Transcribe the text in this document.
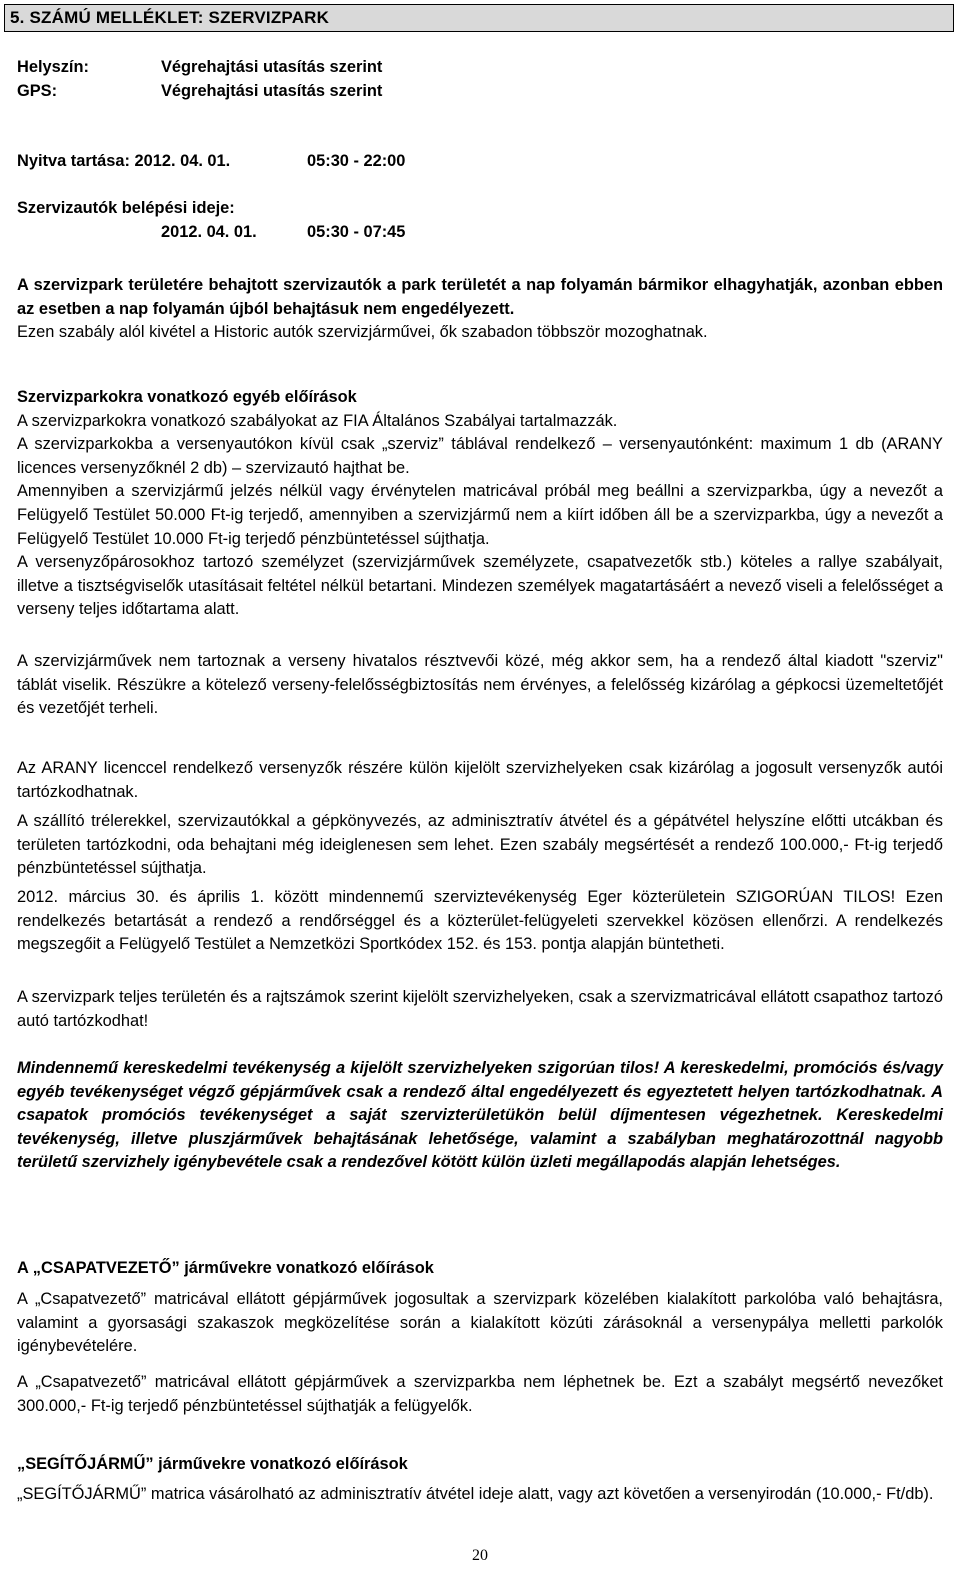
5. SZÁMÚ MELLÉKLET: SZERVIZPARK
Helyszín:	Végrehajtási utasítás szerint
GPS:	Végrehajtási utasítás szerint
Nyitva tartása: 2012. 04. 01.	05:30 - 22:00
Szervizautók belépési ideje:
2012. 04. 01.	05:30 - 07:45

A szervizpark területére behajtott szervizautók a park területét a nap folyamán bármikor elhagyhatják, azonban ebben az esetben a nap folyamán újból behajtásuk nem engedélyezett.

Ezen szabály alól kivétel a Historic autók szervizjárművei, ők szabadon többször mozoghatnak.

Szervizparkokra vonatkozó egyéb előírások

A szervizparkokra vonatkozó szabályokat az FIA Általános Szabályai tartalmazzák.

A szervizparkokba a versenyautókon kívül csak „szerviz” táblával rendelkező – versenyautónként: maximum 1 db (ARANY licences versenyzőknél 2 db) – szervizautó hajthat be.

Amennyiben a szervizjármű jelzés nélkül vagy érvénytelen matricával próbál meg beállni a szervizparkba, úgy a nevezőt a Felügyelő Testület 50.000 Ft-ig terjedő, amennyiben a szervizjármű nem a kiírt időben áll be a szervizparkba, úgy a nevezőt a Felügyelő Testület 10.000 Ft-ig terjedő pénzbüntetéssel sújthatja.

A versenyzőpárosokhoz tartozó személyzet (szervizjárművek személyzete, csapatvezetők stb.) köteles a rallye szabályait, illetve a tisztségviselők utasításait feltétel nélkül betartani. Mindezen személyek magatartásáért a nevező viseli a felelősséget a verseny teljes időtartama alatt.

A szervizjárművek nem tartoznak a verseny hivatalos résztvevői közé, még akkor sem, ha a rendező által kiadott "szerviz" táblát viselik. Részükre a kötelező verseny-felelősségbiztosítás nem érvényes, a felelősség kizárólag a gépkocsi üzemeltetőjét és vezetőjét terheli.

Az ARANY licenccel rendelkező versenyzők részére külön kijelölt szervizhelyeken csak kizárólag a jogosult versenyzők autói tartózkodhatnak.

A szállító trélerekkel, szervizautókkal a gépkönyvezés, az adminisztratív átvétel és a gépátvétel helyszíne előtti utcákban és területen tartózkodni, oda behajtani még ideiglenesen sem lehet. Ezen szabály megsértését a rendező 100.000,- Ft-ig terjedő pénzbüntetéssel sújthatja.

2012. március 30. és április 1. között mindennemű szerviztevékenység Eger közterületein SZIGORÚAN TILOS! Ezen rendelkezés betartását a rendező a rendőrséggel és a közterület-felügyeleti szervekkel közösen ellenőrzi. A rendelkezés megszegőit a Felügyelő Testület a Nemzetközi Sportkódex 152. és 153. pontja alapján büntetheti.

A szervizpark teljes területén és a rajtszámok szerint kijelölt szervizhelyeken, csak a szervizmatricával ellátott csapathoz tartozó autó tartózkodhat!

Mindennemű kereskedelmi tevékenység a kijelölt szervizhelyeken szigorúan tilos! A kereskedelmi, promóciós és/vagy egyéb tevékenységet végző gépjárművek csak a rendező által engedélyezett és egyeztetett helyen tartózkodhatnak. A csapatok promóciós tevékenységet a saját szervizterületükön belül díjmentesen végezhetnek. Kereskedelmi tevékenység, illetve pluszjárművek behajtásának lehetősége, valamint a szabályban meghatározottnál nagyobb területű szervizhely igénybevétele csak a rendezővel kötött külön üzleti megállapodás alapján lehetséges.

A „CSAPATVEZETŐ” járművekre vonatkozó előírások

A „Csapatvezető” matricával ellátott gépjárművek jogosultak a szervizpark közelében kialakított parkolóba való behajtásra, valamint a gyorsasági szakaszok megközelítése során a kialakított közúti zárásoknál a versenypálya melletti parkolók igénybevételére.

A „Csapatvezető” matricával ellátott gépjárművek a szervizparkba nem léphetnek be. Ezt a szabályt megsértő nevezőket 300.000,- Ft-ig terjedő pénzbüntetéssel sújthatják a felügyelők.

„SEGÍTŐJÁRMŰ” járművekre vonatkozó előírások

„SEGÍTŐJÁRMŰ” matrica vásárolható az adminisztratív átvétel ideje alatt, vagy azt követően a versenyirodán (10.000,- Ft/db).

20
